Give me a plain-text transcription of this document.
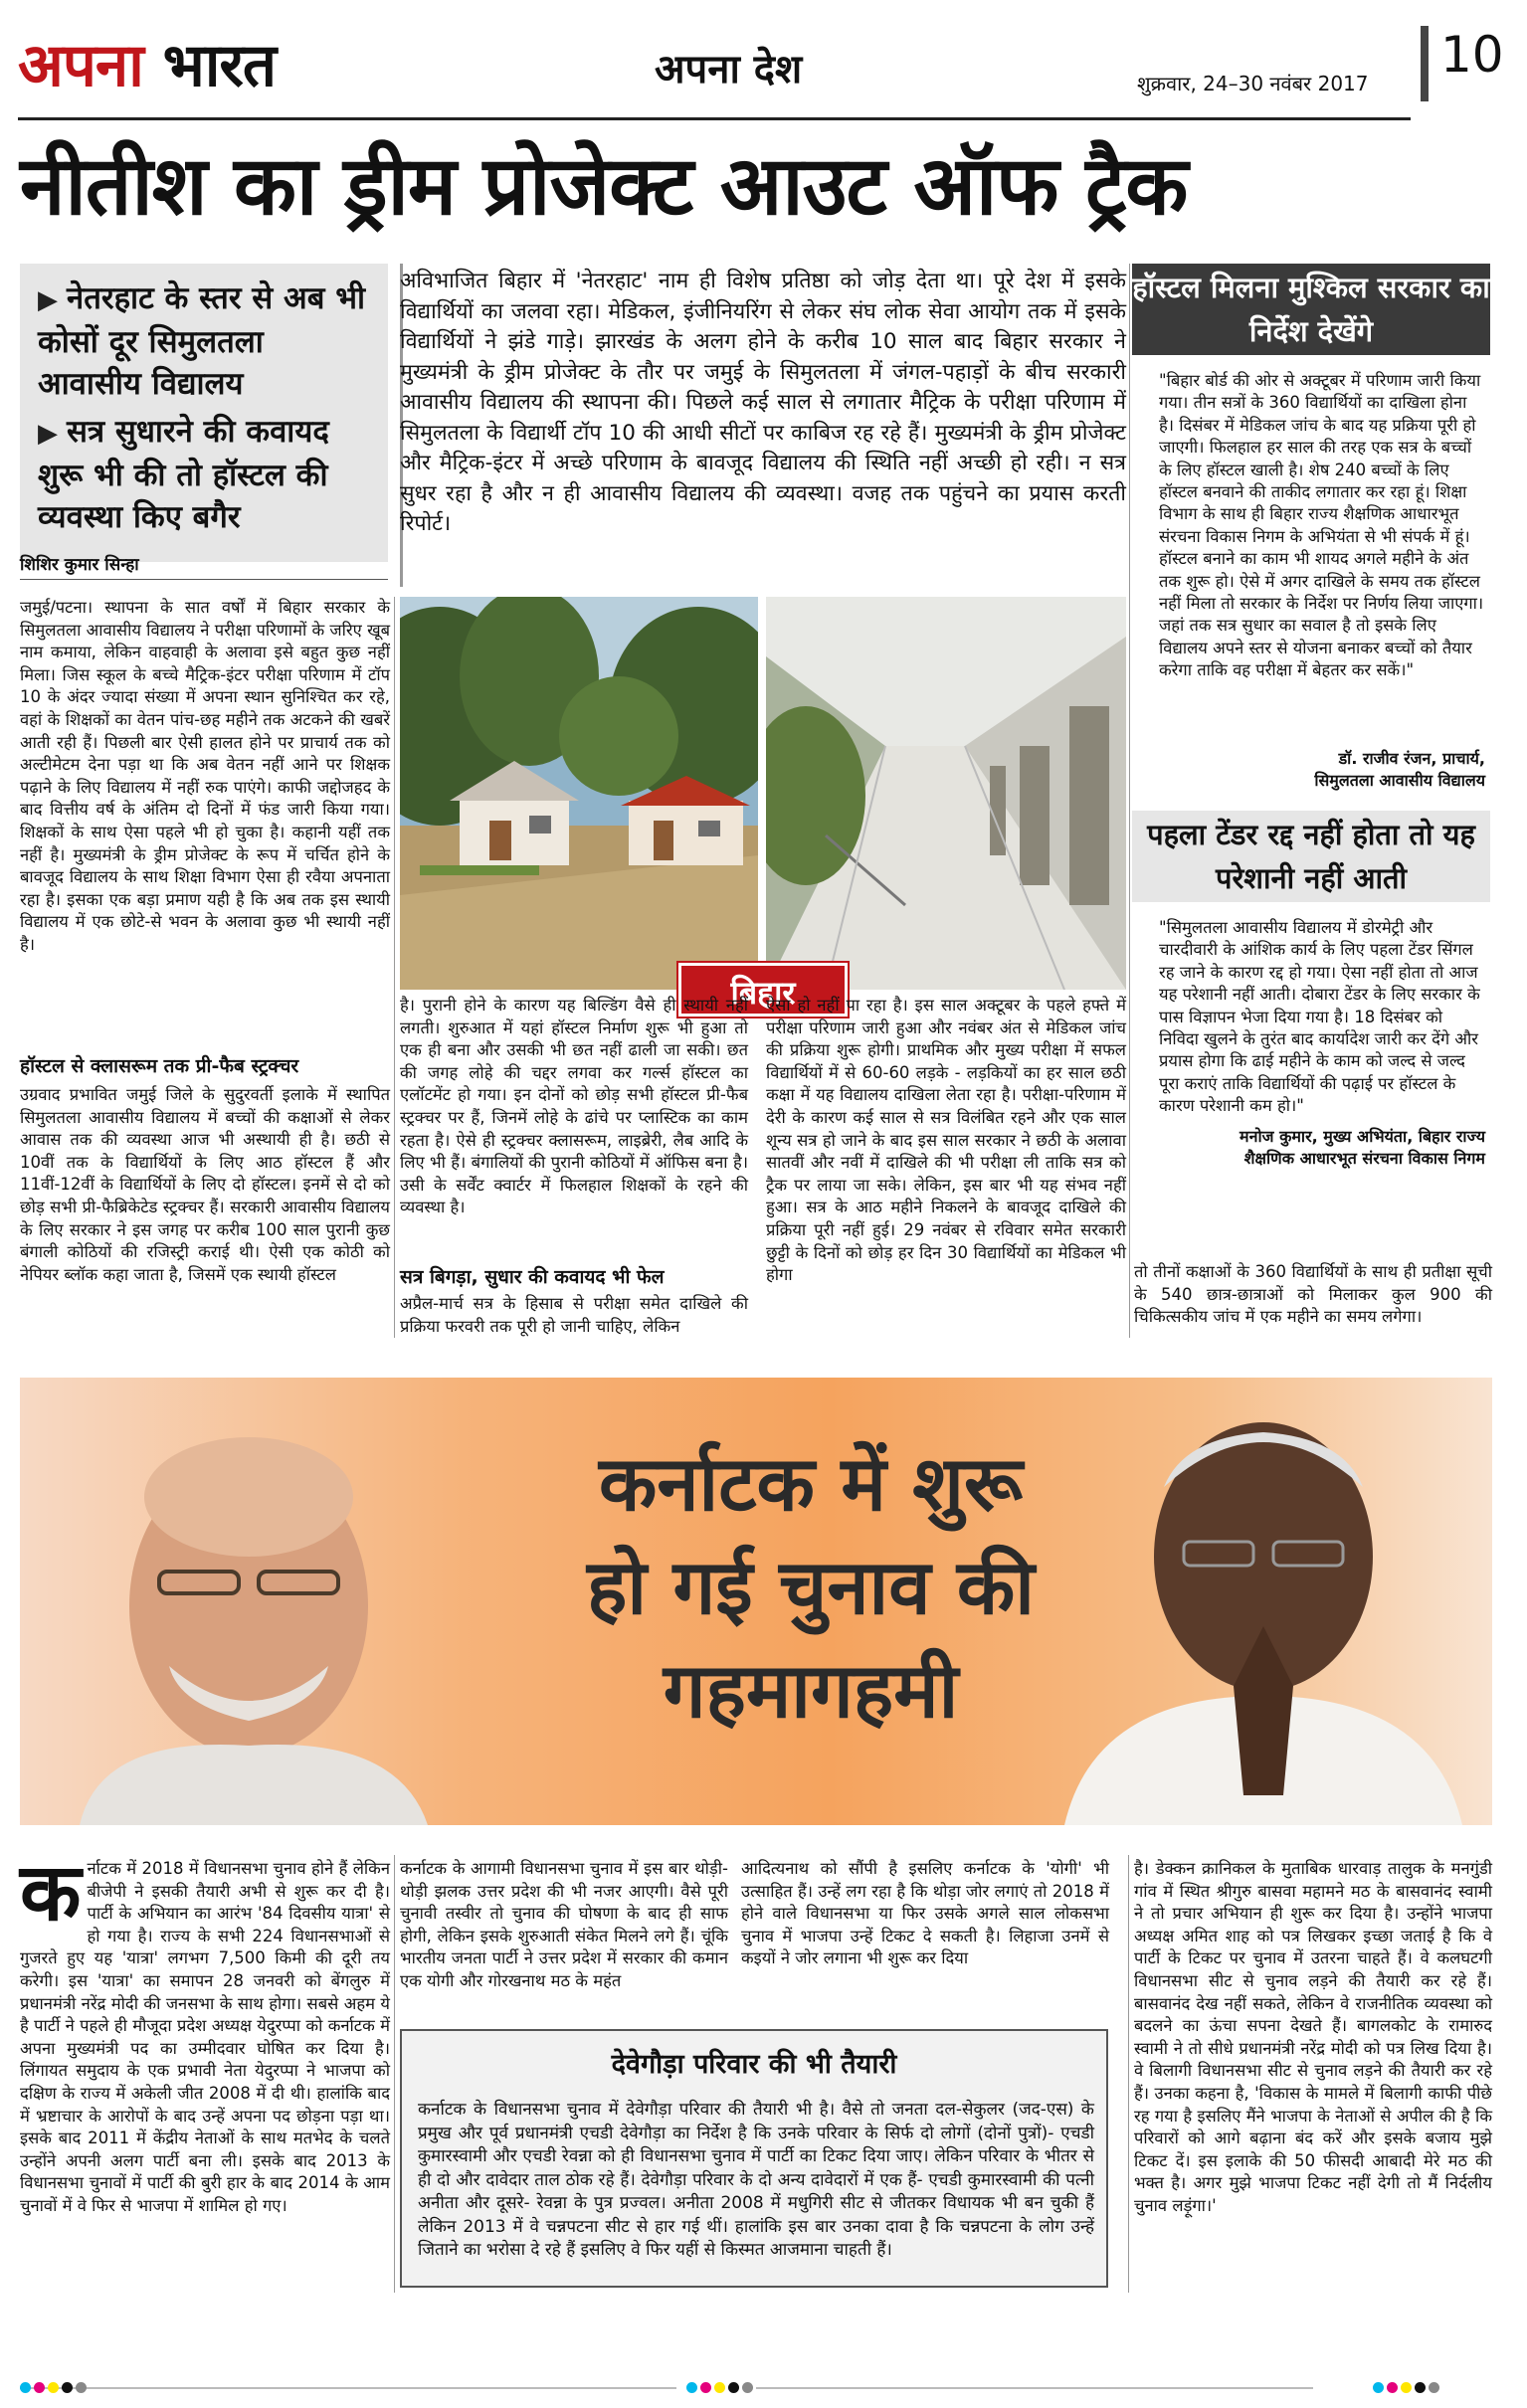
अपना भारत	अपना देश	शुक्रवार, 24–30 नवंबर 2017	10
नीतीश का ड्रीम प्रोजेक्ट आउट ऑफ ट्रैक
▶ नेतरहाट के स्तर से अब भी कोसों दूर सिमुलतला आवासीय विद्यालय
▶ सत्र सुधारने की कवायद शुरू भी की तो हॉस्टल की व्यवस्था किए बगैर
शिशिर कुमार सिन्हा

जमुई/पटना। स्थापना के सात वर्षों में बिहार सरकार के सिमुलतला आवासीय विद्यालय ने परीक्षा परिणामों के जरिए खूब नाम कमाया, लेकिन वाहवाही के अलावा इसे बहुत कुछ नहीं मिला। जिस स्कूल के बच्चे मैट्रिक-इंटर परीक्षा परिणाम में टॉप 10 के अंदर ज्यादा संख्या में अपना स्थान सुनिश्चित कर रहे, वहां के शिक्षकों का वेतन पांच-छह महीने तक अटकने की खबरें आती रही हैं। पिछली बार ऐसी हालत होने पर प्राचार्य तक को अल्टीमेटम देना पड़ा था कि अब वेतन नहीं आने पर शिक्षक पढ़ाने के लिए विद्यालय में नहीं रुक पाएंगे। काफी जद्दोजहद के बाद वित्तीय वर्ष के अंतिम दो दिनों में फंड जारी किया गया। शिक्षकों के साथ ऐसा पहले भी हो चुका है। कहानी यहीं तक नहीं है। मुख्यमंत्री के ड्रीम प्रोजेक्ट के रूप में चर्चित होने के बावजूद विद्यालय के साथ शिक्षा विभाग ऐसा ही रवैया अपनाता रहा है। इसका एक बड़ा प्रमाण यही है कि अब तक इस स्थायी विद्यालय में एक छोटे-से भवन के अलावा कुछ भी स्थायी नहीं है।

हॉस्टल से क्लासरूम तक प्री-फैब स्ट्रक्चर

उग्रवाद प्रभावित जमुई जिले के सुदुरवर्ती इलाके में स्थापित सिमुलतला आवासीय विद्यालय में बच्चों की कक्षाओं से लेकर आवास तक की व्यवस्था आज भी अस्थायी ही है। छठी से 10वीं तक के विद्यार्थियों के लिए आठ हॉस्टल हैं और 11वीं-12वीं के विद्यार्थियों के लिए दो हॉस्टल। इनमें से दो को छोड़ सभी प्री-फैब्रिकेटेड स्ट्रक्चर हैं। सरकारी आवासीय विद्यालय के लिए सरकार ने इस जगह पर करीब 100 साल पुरानी कुछ बंगाली कोठियों की रजिस्ट्री कराई थी। ऐसी एक कोठी को नेपियर ब्लॉक कहा जाता है, जिसमें एक स्थायी हॉस्टल

अविभाजित बिहार में 'नेतरहाट' नाम ही विशेष प्रतिष्ठा को जोड़ देता था। पूरे देश में इसके विद्यार्थियों का जलवा रहा। मेडिकल, इंजीनियरिंग से लेकर संघ लोक सेवा आयोग तक में इसके विद्यार्थियों ने झंडे गाड़े। झारखंड के अलग होने के करीब 10 साल बाद बिहार सरकार ने मुख्यमंत्री के ड्रीम प्रोजेक्ट के तौर पर जमुई के सिमुलतला में जंगल-पहाड़ों के बीच सरकारी आवासीय विद्यालय की स्थापना की। पिछले कई साल से लगातार मैट्रिक के परीक्षा परिणाम में सिमुलतला के विद्यार्थी टॉप 10 की आधी सीटों पर काबिज रह रहे हैं। मुख्यमंत्री के ड्रीम प्रोजेक्ट और मैट्रिक-इंटर में अच्छे परिणाम के बावजूद विद्यालय की स्थिति नहीं अच्छी हो रही। न सत्र सुधर रहा है और न ही आवासीय विद्यालय की व्यवस्था। वजह तक पहुंचने का प्रयास करती रिपोर्ट।

बिहार

है। पुरानी होने के कारण यह बिल्डिंग वैसे ही स्थायी नहीं लगती। शुरुआत में यहां हॉस्टल निर्माण शुरू भी हुआ तो एक ही बना और उसकी भी छत नहीं ढाली जा सकी। छत की जगह लोहे की चद्दर लगवा कर गर्ल्स हॉस्टल का एलॉटमेंट हो गया। इन दोनों को छोड़ सभी हॉस्टल प्री-फैब स्ट्रक्चर पर हैं, जिनमें लोहे के ढांचे पर प्लास्टिक का काम रहता है। ऐसे ही स्ट्रक्चर क्लासरूम, लाइब्रेरी, लैब आदि के लिए भी हैं। बंगालियों की पुरानी कोठियों में ऑफिस बना है। उसी के सर्वेंट क्वार्टर में फिलहाल शिक्षकों के रहने की व्यवस्था है।

सत्र बिगड़ा, सुधार की कवायद भी फेल

अप्रैल-मार्च सत्र के हिसाब से परीक्षा समेत दाखिले की प्रक्रिया फरवरी तक पूरी हो जानी चाहिए, लेकिन

ऐसा हो नहीं पा रहा है। इस साल अक्टूबर के पहले हफ्ते में परीक्षा परिणाम जारी हुआ और नवंबर अंत से मेडिकल जांच की प्रक्रिया शुरू होगी। प्राथमिक और मुख्य परीक्षा में सफल विद्यार्थियों में से 60-60 लड़के - लड़कियों का हर साल छठी कक्षा में यह विद्यालय दाखिला लेता रहा है। परीक्षा-परिणाम में देरी के कारण कई साल से सत्र विलंबित रहने और एक साल शून्य सत्र हो जाने के बाद इस साल सरकार ने छठी के अलावा सातवीं और नवीं में दाखिले की भी परीक्षा ली ताकि सत्र को ट्रैक पर लाया जा सके। लेकिन, इस बार भी यह संभव नहीं हुआ। सत्र के आठ महीने निकलने के बावजूद दाखिले की प्रक्रिया पूरी नहीं हुई। 29 नवंबर से रविवार समेत सरकारी छुट्टी के दिनों को छोड़ हर दिन 30 विद्यार्थियों का मेडिकल भी होगा

हॉस्टल मिलना मुश्किल सरकार का निर्देश देखेंगे

"बिहार बोर्ड की ओर से अक्टूबर में परिणाम जारी किया गया। तीन सत्रों के 360 विद्यार्थियों का दाखिला होना है। दिसंबर में मेडिकल जांच के बाद यह प्रक्रिया पूरी हो जाएगी। फिलहाल हर साल की तरह एक सत्र के बच्चों के लिए हॉस्टल खाली है। शेष 240 बच्चों के लिए हॉस्टल बनवाने की ताकीद लगातार कर रहा हूं। शिक्षा विभाग के साथ ही बिहार राज्य शैक्षणिक आधारभूत संरचना विकास निगम के अभियंता से भी संपर्क में हूं। हॉस्टल बनाने का काम भी शायद अगले महीने के अंत तक शुरू हो। ऐसे में अगर दाखिले के समय तक हॉस्टल नहीं मिला तो सरकार के निर्देश पर निर्णय लिया जाएगा। जहां तक सत्र सुधार का सवाल है तो इसके लिए विद्यालय अपने स्तर से योजना बनाकर बच्चों को तैयार करेगा ताकि वह परीक्षा में बेहतर कर सकें।"

डॉ. राजीव रंजन, प्राचार्य,
सिमुलतला आवासीय विद्यालय
पहला टेंडर रद्द नहीं होता तो यह परेशानी नहीं आती

"सिमुलतला आवासीय विद्यालय में डोरमेट्री और चारदीवारी के आंशिक कार्य के लिए पहला टेंडर सिंगल रह जाने के कारण रद्द हो गया। ऐसा नहीं होता तो आज यह परेशानी नहीं आती। दोबारा टेंडर के लिए सरकार के पास विज्ञापन भेजा दिया गया है। 18 दिसंबर को निविदा खुलने के तुरंत बाद कार्यादेश जारी कर देंगे और प्रयास होगा कि ढाई महीने के काम को जल्द से जल्द पूरा कराएं ताकि विद्यार्थियों की पढ़ाई पर हॉस्टल के कारण परेशानी कम हो।"

मनोज कुमार, मुख्य अभियंता, बिहार राज्य
शैक्षणिक आधारभूत संरचना विकास निगम

तो तीनों कक्षाओं के 360 विद्यार्थियों के साथ ही प्रतीक्षा सूची के 540 छात्र-छात्राओं को मिलाकर कुल 900 की चिकित्सकीय जांच में एक महीने का समय लगेगा।

कर्नाटक में शुरू
हो गई चुनाव की
गहमागहमी

कर्नाटक में 2018 में विधानसभा चुनाव होने हैं लेकिन बीजेपी ने इसकी तैयारी अभी से शुरू कर दी है। पार्टी के अभियान का आरंभ '84 दिवसीय यात्रा' से हो गया है। राज्य के सभी 224 विधानसभाओं से गुजरते हुए यह 'यात्रा' लगभग 7,500 किमी की दूरी तय करेगी। इस 'यात्रा' का समापन 28 जनवरी को बेंगलुरु में प्रधानमंत्री नरेंद्र मोदी की जनसभा के साथ होगा। सबसे अहम ये है पार्टी ने पहले ही मौजूदा प्रदेश अध्यक्ष येदुरप्पा को कर्नाटक में अपना मुख्यमंत्री पद का उम्मीदवार घोषित कर दिया है। लिंगायत समुदाय के एक प्रभावी नेता येदुरप्पा ने भाजपा को दक्षिण के राज्य में अकेली जीत 2008 में दी थी। हालांकि बाद में भ्रष्टाचार के आरोपों के बाद उन्हें अपना पद छोड़ना पड़ा था। इसके बाद 2011 में केंद्रीय नेताओं के साथ मतभेद के चलते उन्होंने अपनी अलग पार्टी बना ली। इसके बाद 2013 के विधानसभा चुनावों में पार्टी की बुरी हार के बाद 2014 के आम चुनावों में वे फिर से भाजपा में शामिल हो गए।

कर्नाटक के आगामी विधानसभा चुनाव में इस बार थोड़ी-थोड़ी झलक उत्तर प्रदेश की भी नजर आएगी। वैसे पूरी चुनावी तस्वीर तो चुनाव की घोषणा के बाद ही साफ होगी, लेकिन इसके शुरुआती संकेत मिलने लगे हैं। चूंकि भारतीय जनता पार्टी ने उत्तर प्रदेश में सरकार की कमान एक योगी और गोरखनाथ मठ के महंत

आदित्यनाथ को सौंपी है इसलिए कर्नाटक के 'योगी' भी उत्साहित हैं। उन्हें लग रहा है कि थोड़ा जोर लगाएं तो 2018 में होने वाले विधानसभा या फिर उसके अगले साल लोकसभा चुनाव में भाजपा उन्हें टिकट दे सकती है। लिहाजा उनमें से कइयों ने जोर लगाना भी शुरू कर दिया

है। डेक्कन क्रानिकल के मुताबिक धारवाड़ तालुक के मनगुंडी गांव में स्थित श्रीगुरु बासवा महामने मठ के बासवानंद स्वामी ने तो प्रचार अभियान ही शुरू कर दिया है। उन्होंने भाजपा अध्यक्ष अमित शाह को पत्र लिखकर इच्छा जताई है कि वे पार्टी के टिकट पर चुनाव में उतरना चाहते हैं। वे कलघटगी विधानसभा सीट से चुनाव लड़ने की तैयारी कर रहे हैं। बासवानंद देख नहीं सकते, लेकिन वे राजनीतिक व्यवस्था को बदलने का ऊंचा सपना देखते हैं। बागलकोट के रामारुद स्वामी ने तो सीधे प्रधानमंत्री नरेंद्र मोदी को पत्र लिख दिया है। वे बिलागी विधानसभा सीट से चुनाव लड़ने की तैयारी कर रहे हैं। उनका कहना है, 'विकास के मामले में बिलागी काफी पीछे रह गया है इसलिए मैंने भाजपा के नेताओं से अपील की है कि परिवारों को आगे बढ़ाना बंद करें और इसके बजाय मुझे टिकट दें। इस इलाके की 50 फीसदी आबादी मेरे मठ की भक्त है। अगर मुझे भाजपा टिकट नहीं देगी तो मैं निर्दलीय चुनाव लड़ूंगा।'

देवेगौड़ा परिवार की भी तैयारी

कर्नाटक के विधानसभा चुनाव में देवेगौड़ा परिवार की तैयारी भी है। वैसे तो जनता दल-सेकुलर (जद-एस) के प्रमुख और पूर्व प्रधानमंत्री एचडी देवेगौड़ा का निर्देश है कि उनके परिवार के सिर्फ दो लोगों (दोनों पुत्रों)- एचडी कुमारस्वामी और एचडी रेवन्ना को ही विधानसभा चुनाव में पार्टी का टिकट दिया जाए। लेकिन परिवार के भीतर से ही दो और दावेदार ताल ठोक रहे हैं। देवेगौड़ा परिवार के दो अन्य दावेदारों में एक हैं- एचडी कुमारस्वामी की पत्नी अनीता और दूसरे- रेवन्ना के पुत्र प्रज्वल। अनीता 2008 में मधुगिरी सीट से जीतकर विधायक भी बन चुकी हैं लेकिन 2013 में वे चन्नपटना सीट से हार गई थीं। हालांकि इस बार उनका दावा है कि चन्नपटना के लोग उन्हें जिताने का भरोसा दे रहे हैं इसलिए वे फिर यहीं से किस्मत आजमाना चाहती हैं।
